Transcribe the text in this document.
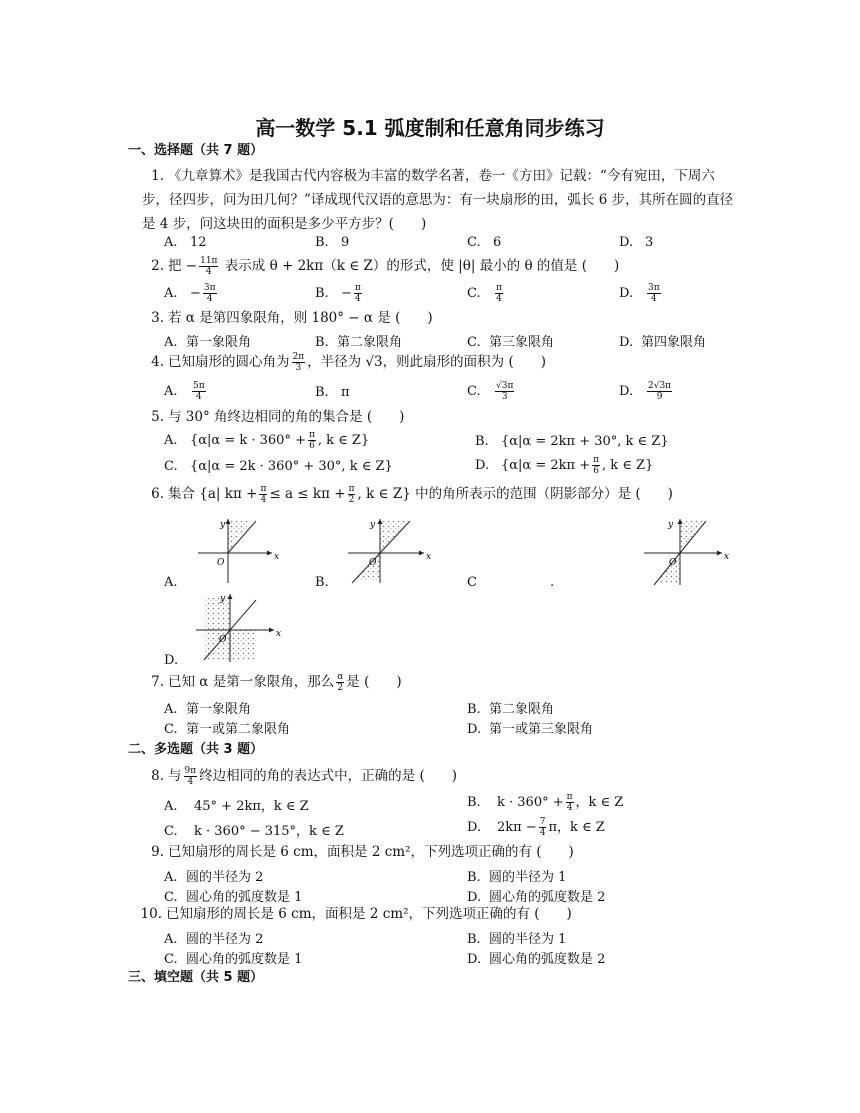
高一数学 5.1 弧度制和任意角同步练习
一、选择题（共 7 题）
1. 《九章算术》是我国古代内容极为丰富的数学名著，卷一《方田》记载：“今有宛田，下周六步，径四步，问为田几何？”译成现代汉语的意思为：有一块扇形的田，弧长 6 步，其所在圆的直径是 4 步，问这块田的面积是多少平方步？(　　)
A. 12	B. 9	C. 6	D. 3
2. 把 − $\frac{11\pi}{4}$ 表示成 θ + 2kπ（k ∈ Z）的形式，使 |θ| 最小的 θ 的值是 (　　)
A. − $\frac{3\pi}{4}$	B. − $\frac{\pi}{4}$	C. $\frac{\pi}{4}$	D. $\frac{3\pi}{4}$
3. 若 α 是第四象限角，则 180° − α 是 (　　)
A. 第一象限角	B. 第二象限角	C. 第三象限角	D. 第四象限角
4. 已知扇形的圆心角为 $\frac{2\pi}{3}$ ，半径为 √3，则此扇形的面积为 (　　)
A. $\frac{5\pi}{4}$	B. π	C. $\frac{√3\pi}{3}$	D. $\frac{2√3\pi}{9}$
5. 与 30° 角终边相同的角的集合是 (　　)
A. {$\alpha|\alpha = k \cdot 360^\circ + \frac{\pi}{6}$ , k ∈ Z}	B. {α|α = 2kπ + 30°, k ∈ Z}
C. {α|α = 2k · 360° + 30°, k ∈ Z}	D. {$\alpha|\alpha = 2k\pi + \frac{\pi}{6}$ , k ∈ Z}
6. 集合 {a| $k\pi + \frac{\pi}{4} \le a \le k\pi + \frac{\pi}{2}$ , k ∈ Z} 中的角所表示的范围（阴影部分）是 (　　)
y
x
O
A.
y
x
O
B.
y
x
O
C	.
y
x
O
D.
7. 已知 α 是第一象限角，那么 $\frac{\alpha}{2}$ 是 (　　)
A. 第一象限角	B. 第二象限角
C. 第一或第二象限角	D. 第一或第三象限角
二、多选题（共 3 题）
8. 与 $\frac{9\pi}{4}$ 终边相同的角的表达式中，正确的是 (　　)
A. 45° + 2kπ，k ∈ Z	B. $k \cdot 360^\circ + \frac{\pi}{4}$ ，k ∈ Z
C. k · 360° − 315°，k ∈ Z	D. $2k\pi - \frac{7}{4}$ π，k ∈ Z
9. 已知扇形的周长是 6 cm，面积是 2 cm²，下列选项正确的有 (　　)
A. 圆的半径为 2	B. 圆的半径为 1
C. 圆心角的弧度数是 1	D. 圆心角的弧度数是 2
10. 已知扇形的周长是 6 cm，面积是 2 cm²，下列选项正确的有 (　　)
A. 圆的半径为 2	B. 圆的半径为 1
C. 圆心角的弧度数是 1	D. 圆心角的弧度数是 2
三、填空题（共 5 题）
